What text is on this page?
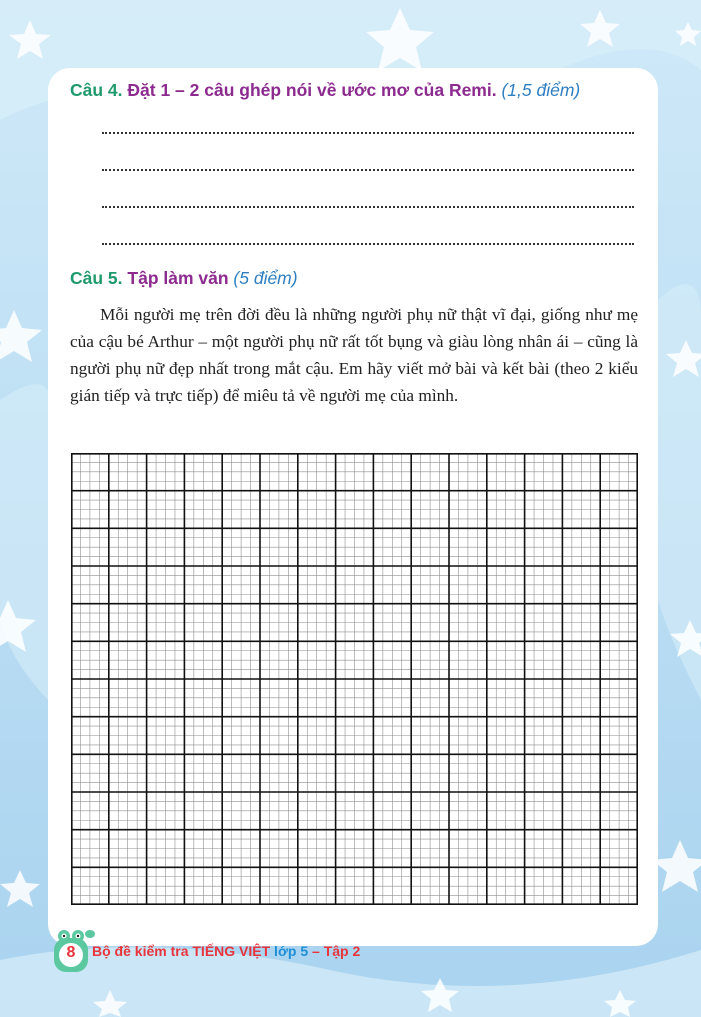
Câu 4. Đặt 1 – 2 câu ghép nói về ước mơ của Remi. (1,5 điểm)
Câu 5. Tập làm văn (5 điểm)

Mỗi người mẹ trên đời đều là những người phụ nữ thật vĩ đại, giống như mẹ của cậu bé Arthur – một người phụ nữ rất tốt bụng và giàu lòng nhân ái – cũng là người phụ nữ đẹp nhất trong mắt cậu. Em hãy viết mở bài và kết bài (theo 2 kiểu gián tiếp và trực tiếp) để miêu tả về người mẹ của mình.

8	Bộ đề kiểm tra TIẾNG VIỆT lớp 5 – Tập 2
